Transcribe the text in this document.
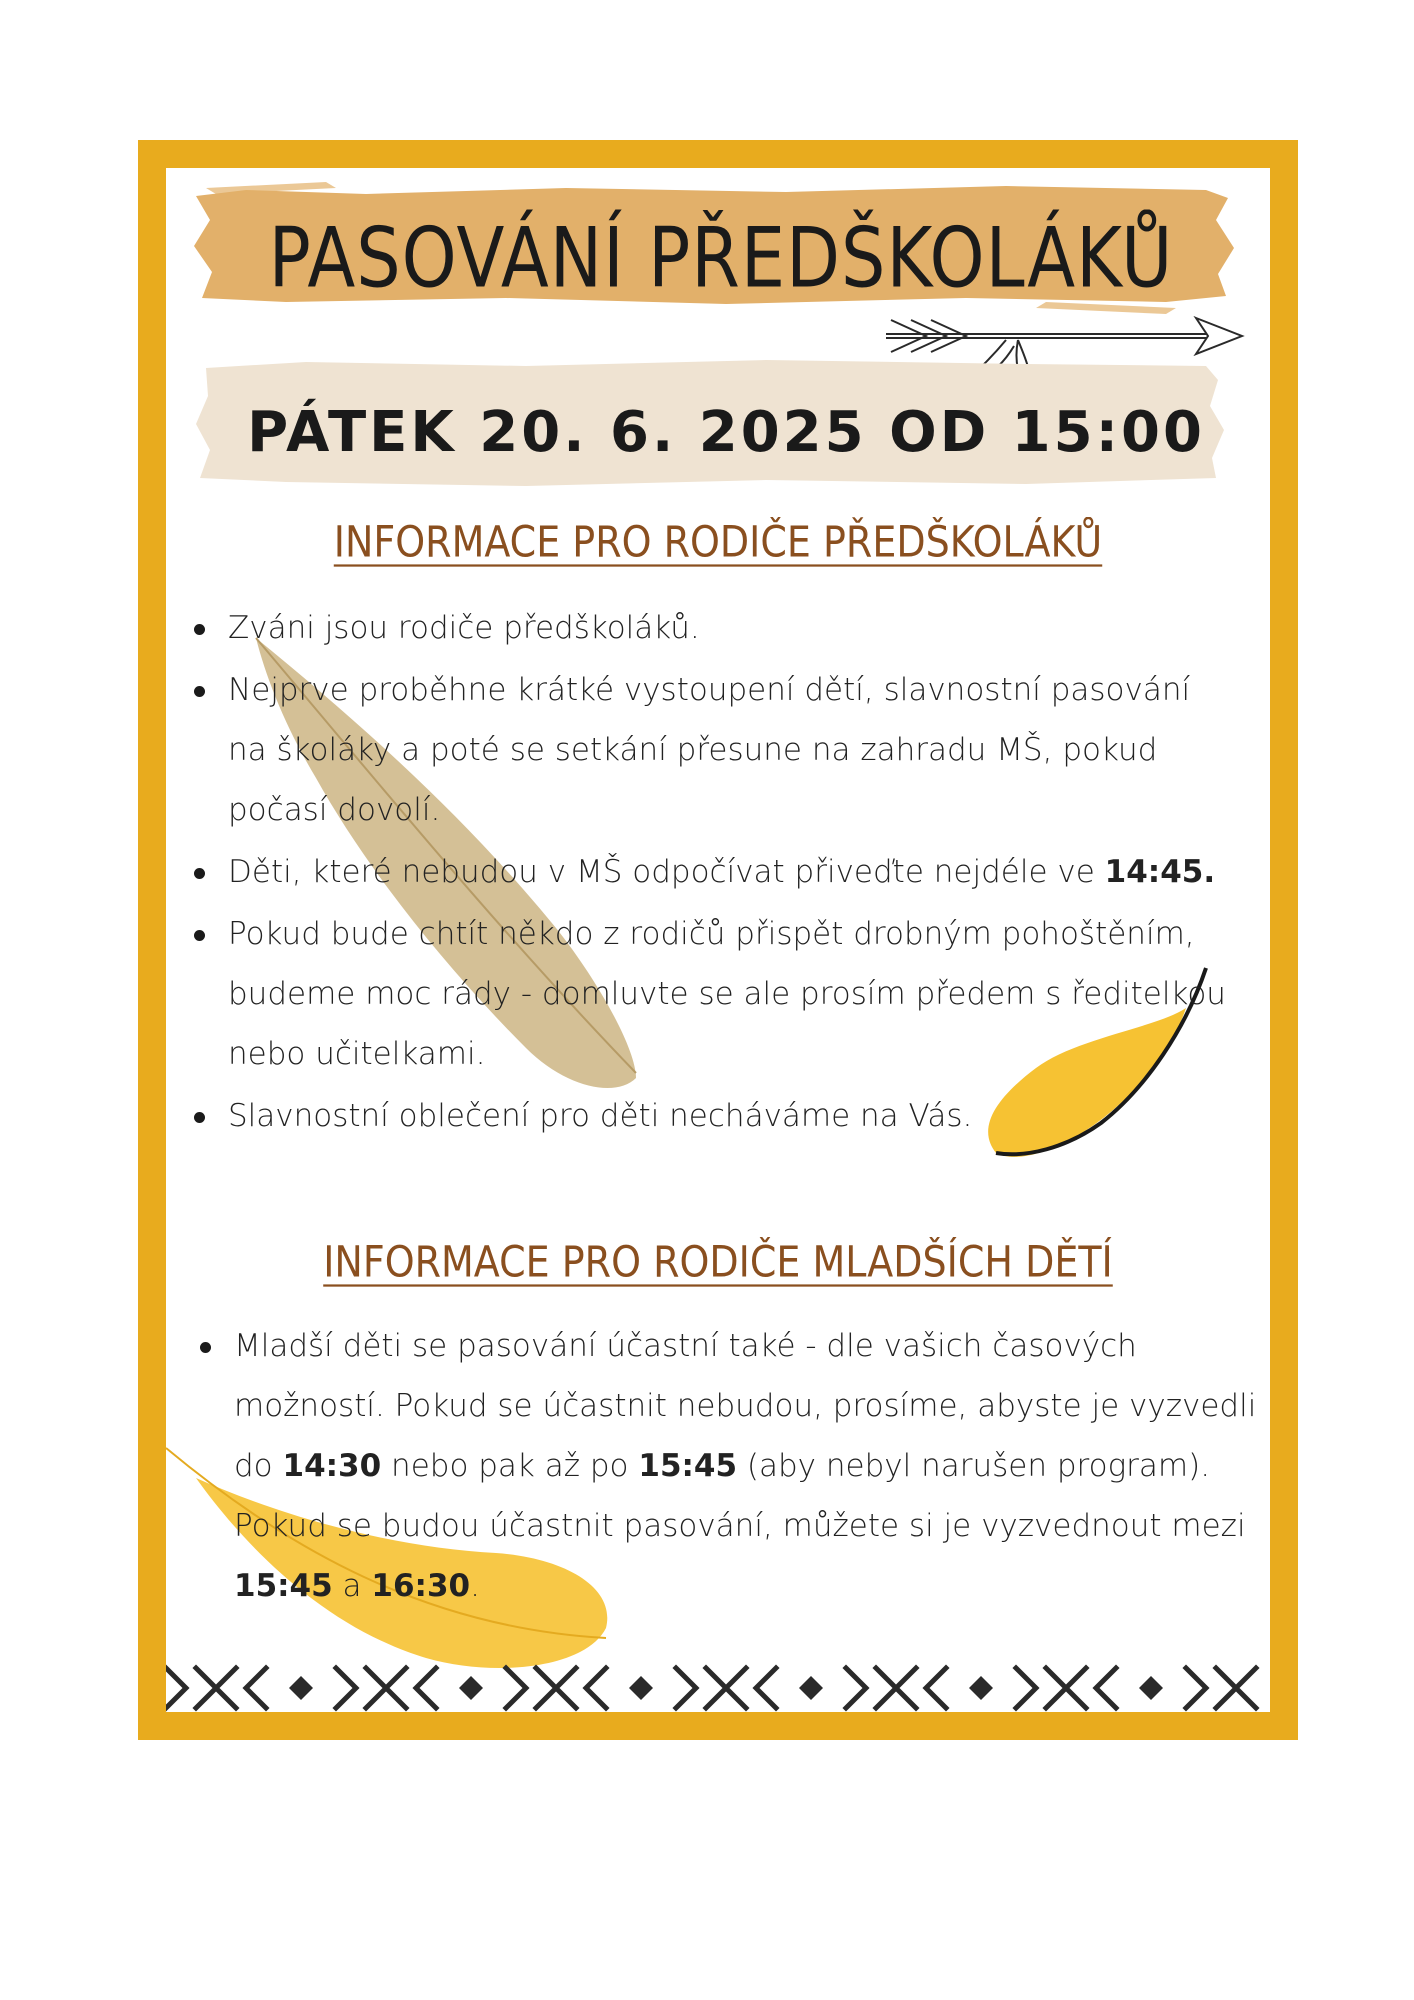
PASOVÁNÍ PŘEDŠKOLÁKŮ
PÁTEK 20. 6. 2025 OD 15:00
INFORMACE PRO RODIČE PŘEDŠKOLÁKŮ
Zváni jsou rodiče předškoláků.
Nejprve proběhne krátké vystoupení dětí, slavnostní pasování na školáky a poté se setkání přesune na zahradu MŠ, pokud počasí dovolí.
Děti, které nebudou v MŠ odpočívat přiveďte nejdéle ve 14:45.
Pokud bude chtít někdo z rodičů přispět drobným pohoštěním, budeme moc rády - domluvte se ale prosím předem s ředitelkou nebo učitelkami.
Slavnostní oblečení pro děti necháváme na Vás.
INFORMACE PRO RODIČE MLADŠÍCH DĚTÍ
Mladší děti se pasování účastní také - dle vašich časových možností. Pokud se účastnit nebudou, prosíme, abyste je vyzvedli do 14:30 nebo pak až po 15:45 (aby nebyl narušen program). Pokud se budou účastnit pasování, můžete si je vyzvednout mezi 15:45 a 16:30.
